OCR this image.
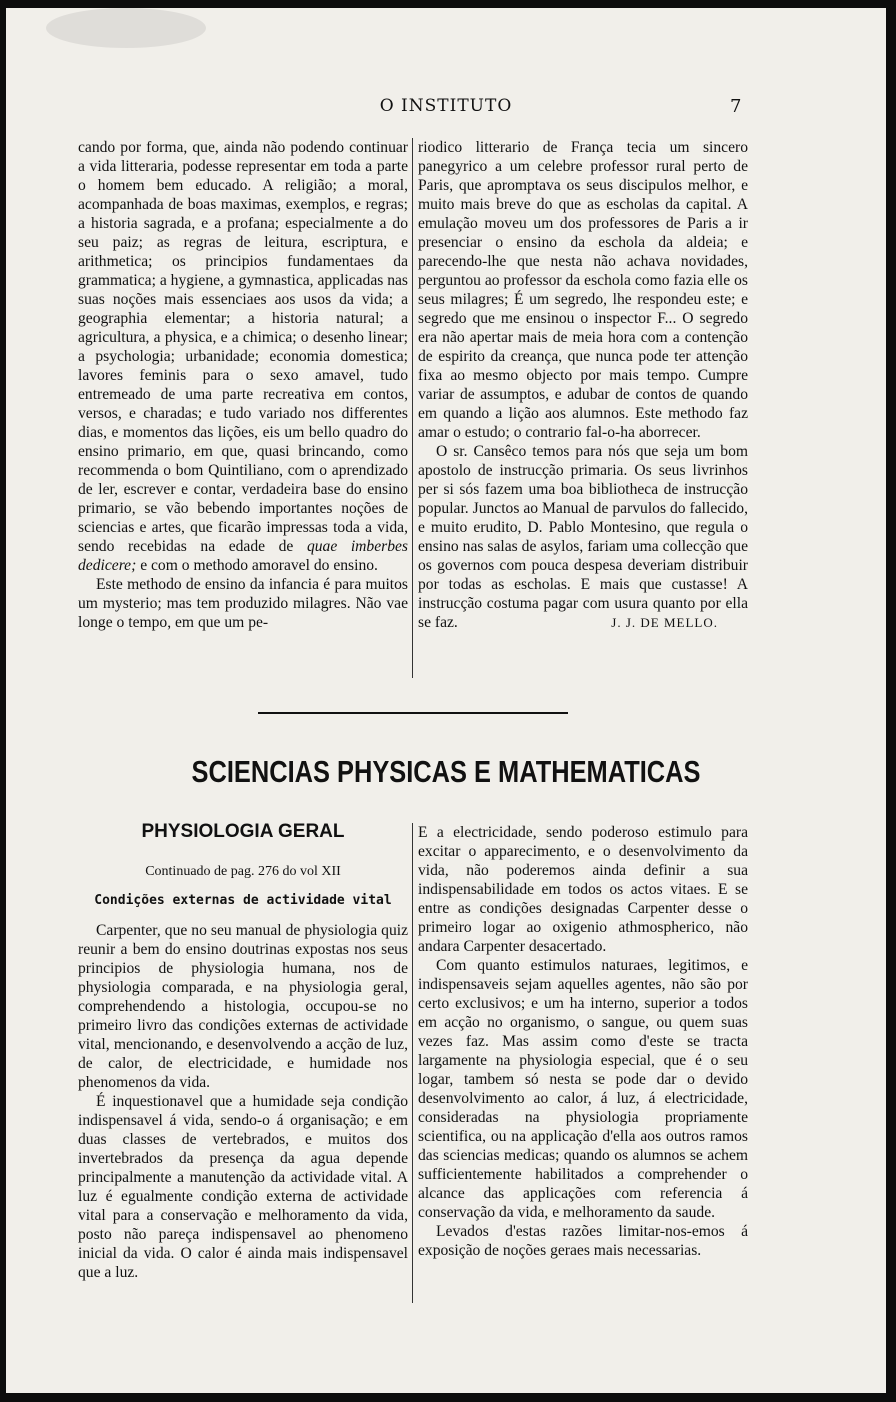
O INSTITUTO	7

cando por forma, que, ainda não podendo continuar a vida litteraria, podesse representar em toda a parte o homem bem educado. A religião; a moral, acompanhada de boas maximas, exemplos, e regras; a historia sagrada, e a profana; especialmente a do seu paiz; as regras de leitura, escriptura, e arithmetica; os principios fundamentaes da grammatica; a hygiene, a gymnastica, applicadas nas suas noções mais essenciaes aos usos da vida; a geographia elementar; a historia natural; a agricultura, a physica, e a chimica; o desenho linear; a psychologia; urbanidade; economia domestica; lavores feminis para o sexo amavel, tudo entremeado de uma parte recreativa em contos, versos, e charadas; e tudo variado nos differentes dias, e momentos das lições, eis um bello quadro do ensino primario, em que, quasi brincando, como recommenda o bom Quintiliano, com o aprendizado de ler, escrever e contar, verdadeira base do ensino primario, se vão bebendo importantes noções de sciencias e artes, que ficarão impressas toda a vida, sendo recebidas na edade de quae imberbes dedicere; e com o methodo amoravel do ensino.

Este methodo de ensino da infancia é para muitos um mysterio; mas tem produzido milagres. Não vae longe o tempo, em que um pe-

riodico litterario de França tecia um sincero panegyrico a um celebre professor rural perto de Paris, que apromptava os seus discipulos melhor, e muito mais breve do que as escholas da capital. A emulação moveu um dos professores de Paris a ir presenciar o ensino da eschola da aldeia; e parecendo-lhe que nesta não achava novidades, perguntou ao professor da eschola como fazia elle os seus milagres; É um segredo, lhe respondeu este; e segredo que me ensinou o inspector F... O segredo era não apertar mais de meia hora com a contenção de espirito da creança, que nunca pode ter attenção fixa ao mesmo objecto por mais tempo. Cumpre variar de assumptos, e adubar de contos de quando em quando a lição aos alumnos. Este methodo faz amar o estudo; o contrario fal-o-ha aborrecer.

O sr. Cansêco temos para nós que seja um bom apostolo de instrucção primaria. Os seus livrinhos per si sós fazem uma boa bibliotheca de instrucção popular. Junctos ao Manual de parvulos do fallecido, e muito erudito, D. Pablo Montesino, que regula o ensino nas salas de asylos, fariam uma collecção que os governos com pouca despesa deveriam distribuir por todas as escholas. E mais que custasse! A instrucção costuma pagar com usura quanto por ella se faz.	J. J. DE MELLO.

SCIENCIAS PHYSICAS E MATHEMATICAS
PHYSIOLOGIA GERAL
Continuado de pag. 276 do vol XII
Condições externas de actividade vital

Carpenter, que no seu manual de physiologia quiz reunir a bem do ensino doutrinas expostas nos seus principios de physiologia humana, nos de physiologia comparada, e na physiologia geral, comprehendendo a histologia, occupou-se no primeiro livro das condições externas de actividade vital, mencionando, e desenvolvendo a acção de luz, de calor, de electricidade, e humidade nos phenomenos da vida.

É inquestionavel que a humidade seja condição indispensavel á vida, sendo-o á organisação; e em duas classes de vertebrados, e muitos dos invertebrados da presença da agua depende principalmente a manutenção da actividade vital. A luz é egualmente condição externa de actividade vital para a conservação e melhoramento da vida, posto não pareça indispensavel ao phenomeno inicial da vida. O calor é ainda mais indispensavel que a luz.

E a electricidade, sendo poderoso estimulo para excitar o apparecimento, e o desenvolvimento da vida, não poderemos ainda definir a sua indispensabilidade em todos os actos vitaes. E se entre as condições designadas Carpenter desse o primeiro logar ao oxigenio athmospherico, não andara Carpenter desacertado.

Com quanto estimulos naturaes, legitimos, e indispensaveis sejam aquelles agentes, não são por certo exclusivos; e um ha interno, superior a todos em acção no organismo, o sangue, ou quem suas vezes faz. Mas assim como d'este se tracta largamente na physiologia especial, que é o seu logar, tambem só nesta se pode dar o devido desenvolvimento ao calor, á luz, á electricidade, consideradas na physiologia propriamente scientifica, ou na applicação d'ella aos outros ramos das sciencias medicas; quando os alumnos se achem sufficientemente habilitados a comprehender o alcance das applicações com referencia á conservação da vida, e melhoramento da saude.

Levados d'estas razões limitar-nos-emos á exposição de noções geraes mais necessarias.
